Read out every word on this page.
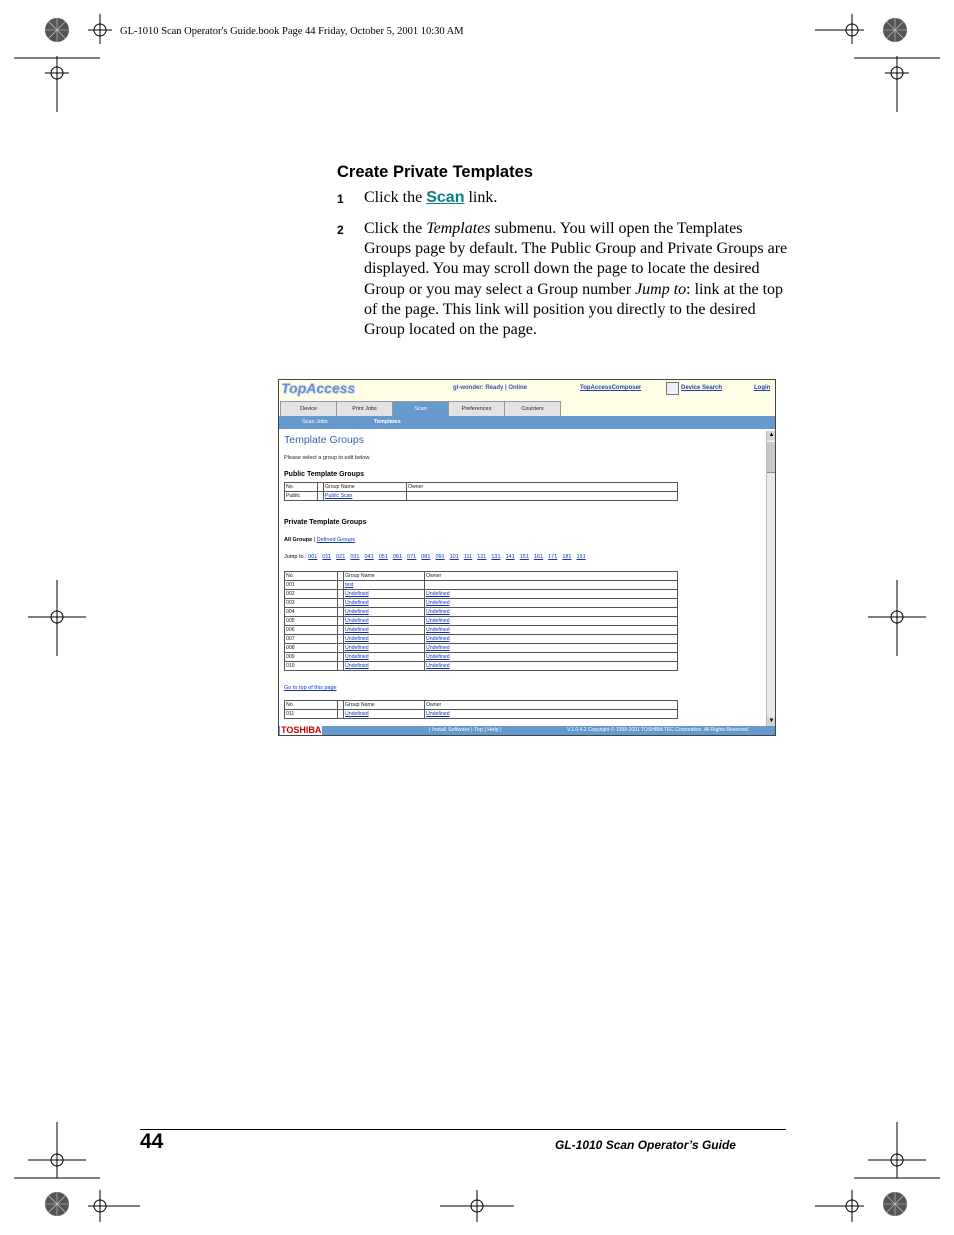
GL-1010 Scan Operator's Guide.book Page 44 Friday, October 5, 2001 10:30 AM
Create Private Templates
1 Click the Scan link.
2 Click the Templates submenu. You will open the Templates Groups page by default. The Public Group and Private Groups are displayed. You may scroll down the page to locate the desired Group or you may select a Group number Jump to: link at the top of the page. This link will position you directly to the desired Group located on the page.
TopAccess	gl-wonder: Ready | Online	TopAccessComposer	Device Search	Login
Device	Print Jobs	Scan	Preferences	Counters
Scan Jobs	Templates
Template Groups
Please select a group to edit below.
Public Template Groups
No.		Group Name	Owner
Public		Public Scan	
Private Template Groups
All Groups | Defined Groups
Jump to : 001 011 021 031 041 051 061 071 081 091 101 111 121 131 141 151 161 171 181 191
No.		Group Name	Owner
001		test	
002		Undefined	Undefined
003		Undefined	Undefined
004		Undefined	Undefined
005		Undefined	Undefined
006		Undefined	Undefined
007		Undefined	Undefined
008		Undefined	Undefined
009		Undefined	Undefined
010		Undefined	Undefined
Go to top of this page
No.		Group Name	Owner
011		Undefined	Undefined
▲
▼
TOSHIBA	| Install Software | Top | Help |	V.1.0.4.2 Copyright © 1999-2001 TOSHIBA TEC Corporation. All Rights Reserved.
44	GL-1010 Scan Operator’s Guide
